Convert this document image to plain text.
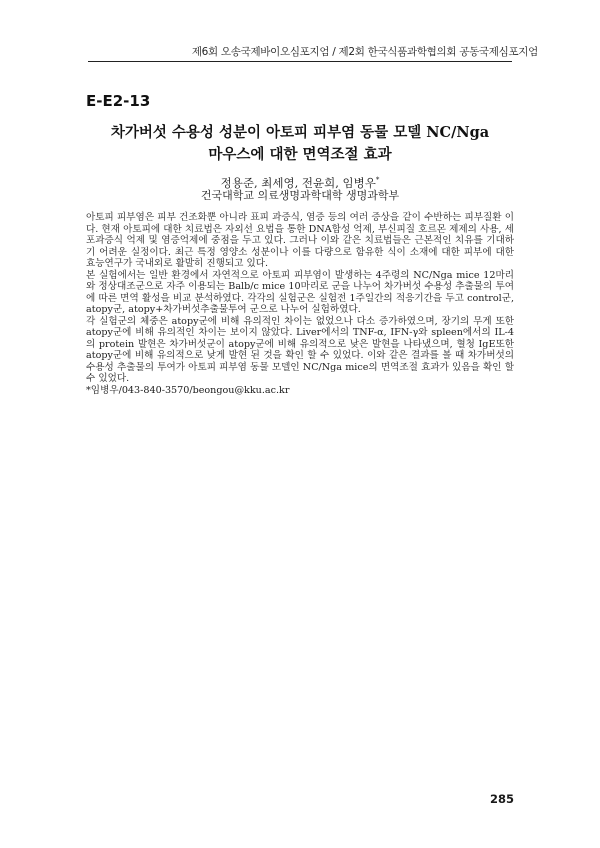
제6회 오송국제바이오심포지엄 / 제2회 한국식품과학협의회 공동국제심포지엄
E-E2-13
차가버섯 수용성 성분이 아토피 피부염 동물 모델 NC/Nga
마우스에 대한 면역조절 효과
정용준, 최세영, 전윤희, 임병우*
건국대학교 의료생명과학대학 생명과학부

아토피 피부염은 피부 건조화뿐 아니라 표피 과증식, 염증 등의 여러 증상을 같이 수반하는 피부질환 이다. 현재 아토피에 대한 치료법은 자외선 요법을 통한 DNA합성 억제, 부신피질 호르몬 제제의 사용, 세포과증식 억제 및 염증억제에 중점을 두고 있다. 그러나 이와 같은 치료법들은 근본적인 치유를 기대하기 어려운 실정이다. 최근 특정 영양소 성분이나 이를 다량으로 함유한 식이 소재에 대한 피부에 대한 효능연구가 국내외로 활발히 진행되고 있다.

본 실험에서는 일반 환경에서 자연적으로 아토피 피부염이 발생하는 4주령의 NC/Nga mice 12마리와 정상대조군으로 자주 이용되는 Balb/c mice 10마리로 군을 나누어 차가버섯 수용성 추출물의 투여에 따른 면역 활성을 비교 분석하였다. 각각의 실험군은 실험전 1주일간의 적응기간을 두고 control군, atopy군, atopy+차가버섯추출물투여 군으로 나누어 실험하였다.

각 실험군의 체중은 atopy군에 비해 유의적인 차이는 없었으나 다소 증가하였으며, 장기의 무게 또한 atopy군에 비해 유의적인 차이는 보이지 않았다. Liver에서의 TNF-α, IFN-γ와 spleen에서의 IL-4의 protein 발현은 차가버섯군이 atopy군에 비해 유의적으로 낮은 발현을 나타냈으며, 혈청 IgE또한 atopy군에 비해 유의적으로 낮게 발현 된 것을 확인 할 수 있었다. 이와 같은 결과를 볼 때 차가버섯의 수용성 추출물의 투여가 아토피 피부염 동물 모델인 NC/Nga mice의 면역조절 효과가 있음을 확인 할 수 있었다.

*임병우/043-840-3570/beongou@kku.ac.kr
285
